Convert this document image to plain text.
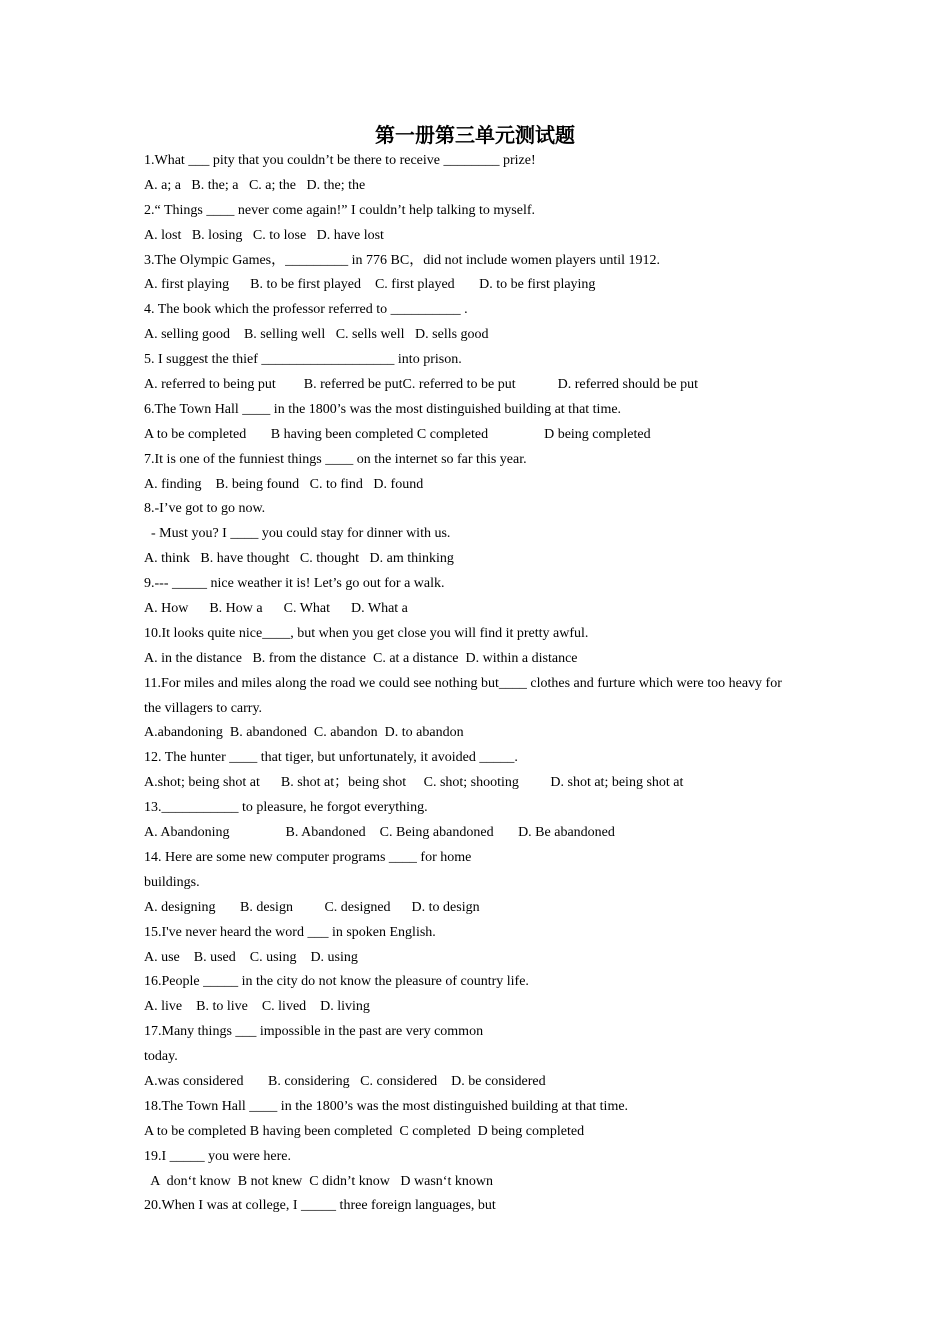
第一册第三单元测试题
1.What ___ pity that you couldn’t be there to receive ________ prize!
A. a; a   B. the; a   C. a; the   D. the; the
2.“ Things ____ never come again!” I couldn’t help talking to myself.
A. lost   B. losing   C. to lose   D. have lost
3.The Olympic Games，_________ in 776 BC，did not include women players until 1912.
A. first playing      B. to be first played    C. first played       D. to be first playing
4. The book which the professor referred to __________ .
A. selling good    B. selling well   C. sells well   D. sells good
5. I suggest the thief ___________________ into prison.
A. referred to being put        B. referred be putC. referred to be put            D. referred should be put
6.The Town Hall ____ in the 1800’s was the most distinguished building at that time.
A to be completed       B having been completed C completed                D being completed
7.It is one of the funniest things ____ on the internet so far this year.
A. finding    B. being found   C. to find   D. found
8.-I’ve got to go now.
- Must you? I ____ you could stay for dinner with us.
A. think   B. have thought   C. thought   D. am thinking
9.--- _____ nice weather it is! Let’s go out for a walk.
A. How      B. How a      C. What      D. What a
10.It looks quite nice____, but when you get close you will find it pretty awful.
A. in the distance   B. from the distance  C. at a distance  D. within a distance
11.For miles and miles along the road we could see nothing but____ clothes and furture which were too heavy for
the villagers to carry.
A.abandoning  B. abandoned  C. abandon  D. to abandon
12. The hunter ____ that tiger, but unfortunately, it avoided _____.
A.shot; being shot at      B. shot at；being shot     C. shot; shooting         D. shot at; being shot at
13.___________ to pleasure, he forgot everything.
A. Abandoning                B. Abandoned    C. Being abandoned       D. Be abandoned
14. Here are some new computer programs ____ for home
buildings.
A. designing       B. design         C. designed      D. to design
15.I've never heard the word ___ in spoken English.
A. use    B. used    C. using    D. using
16.People _____ in the city do not know the pleasure of country life.
A. live    B. to live    C. lived    D. living
17.Many things ___ impossible in the past are very common
today.
A.was considered       B. considering   C. considered    D. be considered
18.The Town Hall ____ in the 1800’s was the most distinguished building at that time.
A to be completed B having been completed  C completed  D being completed
19.I _____ you were here.
A  don‘t know  B not knew  C didn’t know   D wasn‘t known
20.When I was at college, I _____ three foreign languages, but
